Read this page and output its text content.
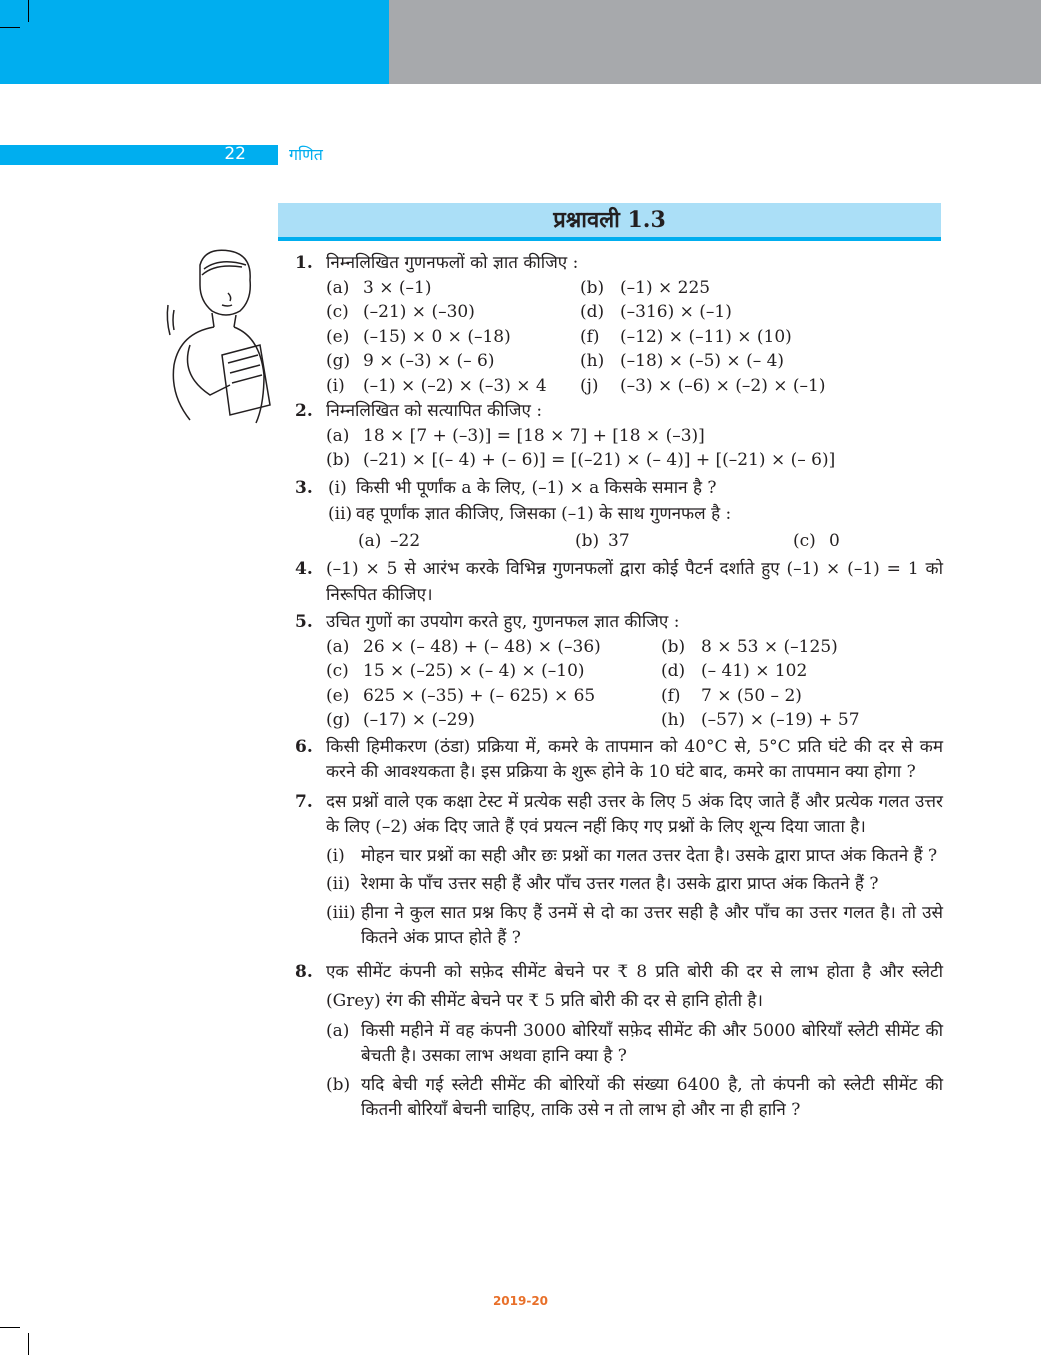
22	गणित
प्रश्नावली 1.3
1. निम्नलिखित गुणनफलों को ज्ञात कीजिए :
(a) 3 × (–1)	(b) (–1) × 225
(c) (–21) × (–30)	(d) (–316) × (–1)
(e) (–15) × 0 × (–18)	(f) (–12) × (–11) × (10)
(g) 9 × (–3) × (– 6)	(h) (–18) × (–5) × (– 4)
(i) (–1) × (–2) × (–3) × 4 (j) (–3) × (–6) × (–2) × (–1)
2. निम्नलिखित को सत्यापित कीजिए :
(a) 18 × [7 + (–3)] = [18 × 7] + [18 × (–3)]
(b) (–21) × [(– 4) + (– 6)] = [(–21) × (– 4)] + [(–21) × (– 6)]
3. (i) किसी भी पूर्णांक a के लिए, (–1) × a किसके समान है ?
(ii) वह पूर्णांक ज्ञात कीजिए, जिसका (–1) के साथ गुणनफल है :
(a) –22	(b) 37	(c) 0
4. (–1) × 5 से आरंभ करके विभिन्न गुणनफलों द्वारा कोई पैटर्न दर्शाते हुए (–1) × (–1) = 1 को निरूपित कीजिए।
5. उचित गुणों का उपयोग करते हुए, गुणनफल ज्ञात कीजिए :
(a) 26 × (– 48) + (– 48) × (–36)	(b) 8 × 53 × (–125)
(c) 15 × (–25) × (– 4) × (–10)	(d) (– 41) × 102
(e) 625 × (–35) + (– 625) × 65	(f) 7 × (50 – 2)
(g) (–17) × (–29)	(h) (–57) × (–19) + 57
6. किसी हिमीकरण (ठंडा) प्रक्रिया में, कमरे के तापमान को 40°C से, 5°C प्रति घंटे की दर से कम करने की आवश्यकता है। इस प्रक्रिया के शुरू होने के 10 घंटे बाद, कमरे का तापमान क्या होगा ?
7. दस प्रश्नों वाले एक कक्षा टेस्ट में प्रत्येक सही उत्तर के लिए 5 अंक दिए जाते हैं और प्रत्येक गलत उत्तर के लिए (–2) अंक दिए जाते हैं एवं प्रयत्न नहीं किए गए प्रश्नों के लिए शून्य दिया जाता है।
(i) मोहन चार प्रश्नों का सही और छः प्रश्नों का गलत उत्तर देता है। उसके द्वारा प्राप्त अंक कितने हैं ?
(ii) रेशमा के पाँच उत्तर सही हैं और पाँच उत्तर गलत है। उसके द्वारा प्राप्त अंक कितने हैं ?
(iii) हीना ने कुल सात प्रश्न किए हैं उनमें से दो का उत्तर सही है और पाँच का उत्तर गलत है। तो उसे कितने अंक प्राप्त होते हैं ?
8. एक सीमेंट कंपनी को सफ़ेद सीमेंट बेचने पर ₹ 8 प्रति बोरी की दर से लाभ होता है और स्लेटी (Grey) रंग की सीमेंट बेचने पर ₹ 5 प्रति बोरी की दर से हानि होती है।
(a) किसी महीने में वह कंपनी 3000 बोरियाँ सफ़ेद सीमेंट की और 5000 बोरियाँ स्लेटी सीमेंट की बेचती है। उसका लाभ अथवा हानि क्या है ?
(b) यदि बेची गई स्लेटी सीमेंट की बोरियों की संख्या 6400 है, तो कंपनी को स्लेटी सीमेंट की कितनी बोरियाँ बेचनी चाहिए, ताकि उसे न तो लाभ हो और ना ही हानि ?
2019-20
